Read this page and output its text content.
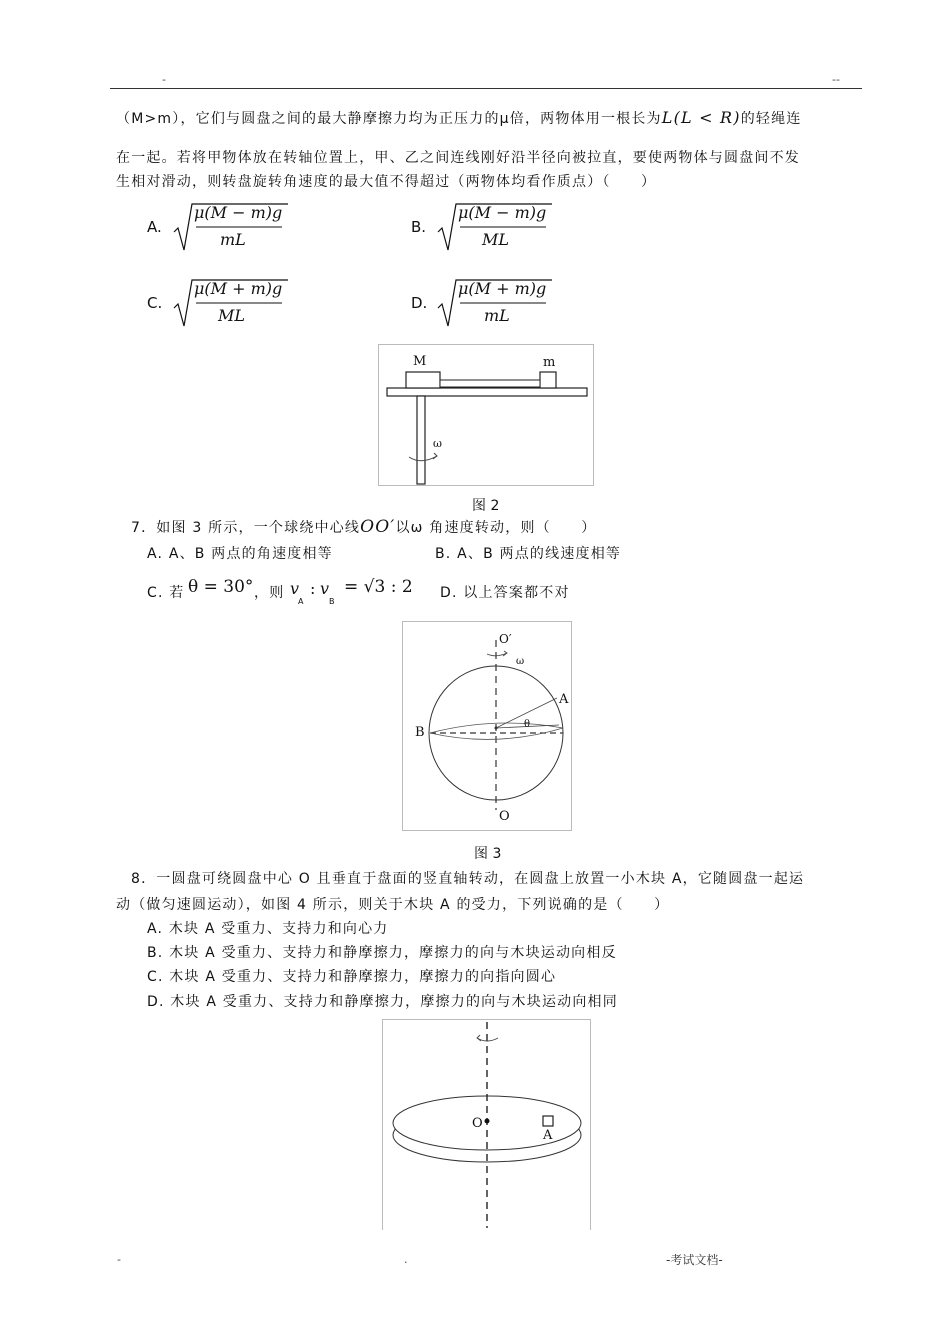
-	--
（M>m），它们与圆盘之间的最大静摩擦力均为正压力的μ倍，两物体用一根长为L(L < R)的轻绳连
在一起。若将甲物体放在转轴位置上，甲、乙之间连线刚好沿半径向被拉直，要使两物体与圆盘间不发
生相对滑动，则转盘旋转角速度的最大值不得超过（两物体均看作质点）（　　）
A.
μ(M − m)g
mL
B.
μ(M − m)g
ML
C.
μ(M + m)g
ML
D.
μ(M + m)g
mL
M	m
ω
图 2
7．如图 3 所示，一个球绕中心线OO′以ω 角速度转动，则（　　）
A. A、B 两点的角速度相等	B. A、B 两点的线速度相等
C. 若 θ = 30° ，则 v
A
: v
B
= √3 : 2 D. 以上答案都不对
O′
ω
A
B
θ
O
图 3
8．一圆盘可绕圆盘中心 O 且垂直于盘面的竖直轴转动，在圆盘上放置一小木块 A，它随圆盘一起运
动（做匀速圆运动），如图 4 所示，则关于木块 A 的受力，下列说确的是（　　）
A. 木块 A 受重力、支持力和向心力
B. 木块 A 受重力、支持力和静摩擦力，摩擦力的向与木块运动向相反
C. 木块 A 受重力、支持力和静摩擦力，摩擦力的向指向圆心
D. 木块 A 受重力、支持力和静摩擦力，摩擦力的向与木块运动向相同
O
A
-	.	-考试文档-
